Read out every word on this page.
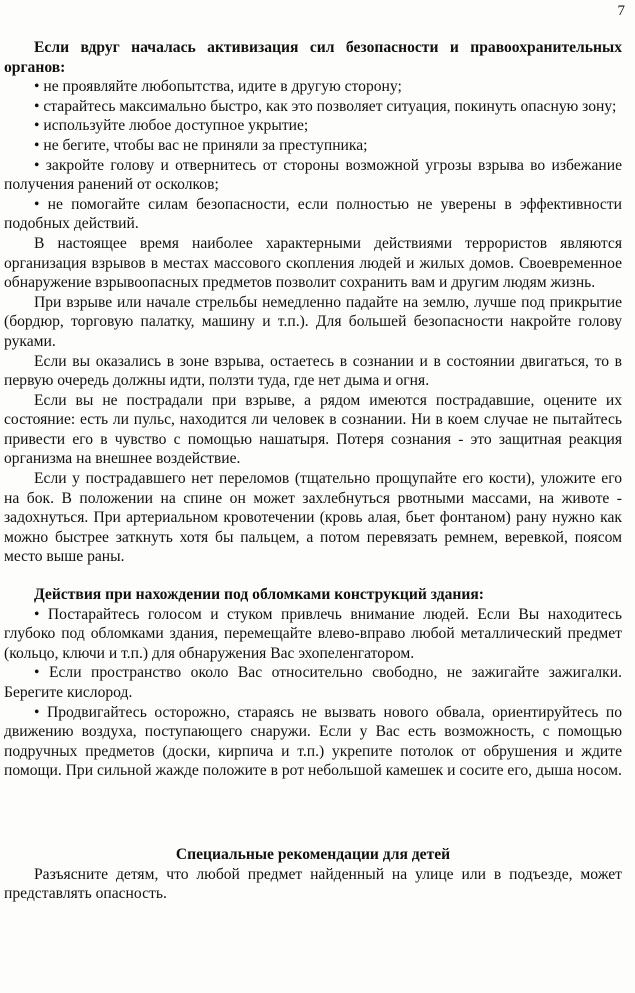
7

Если вдруг началась активизация сил безопасности и правоохранительных органов:

• не проявляйте любопытства, идите в другую сторону;

• старайтесь максимально быстро, как это позволяет ситуация, покинуть опасную зону;

• используйте любое доступное укрытие;

• не бегите, чтобы вас не приняли за преступника;

• закройте голову и отвернитесь от стороны возможной угрозы взрыва во избежание получения ранений от осколков;

• не помогайте силам безопасности, если полностью не уверены в эффективности подобных действий.

В настоящее время наиболее характерными действиями террористов являются организация взрывов в местах массового скопления людей и жилых домов. Своевременное обнаружение взрывоопасных предметов позволит сохранить вам и другим людям жизнь.

При взрыве или начале стрельбы немедленно падайте на землю, лучше под прикрытие (бордюр, торговую палатку, машину и т.п.). Для большей безопасности накройте голову руками.

Если вы оказались в зоне взрыва, остаетесь в сознании и в состоянии двигаться, то в первую очередь должны идти, ползти туда, где нет дыма и огня.

Если вы не пострадали при взрыве, а рядом имеются пострадавшие, оцените их состояние: есть ли пульс, находится ли человек в сознании. Ни в коем случае не пытайтесь привести его в чувство с помощью нашатыря. Потеря сознания - это защитная реакция организма на внешнее воздействие.

Если у пострадавшего нет переломов (тщательно прощупайте его кости), уложите его на бок. В положении на спине он может захлебнуться рвотными массами, на животе - задохнуться. При артериальном кровотечении (кровь алая, бьет фонтаном) рану нужно как можно быстрее заткнуть хотя бы пальцем, а потом перевязать ремнем, веревкой, поясом место выше раны.

Действия при нахождении под обломками конструкций здания:

• Постарайтесь голосом и стуком привлечь внимание людей. Если Вы находитесь глубоко под обломками здания, перемещайте влево-вправо любой металлический предмет (кольцо, ключи и т.п.) для обнаружения Вас эхопеленгатором.

• Если пространство около Вас относительно свободно, не зажигайте зажигалки. Берегите кислород.

• Продвигайтесь осторожно, стараясь не вызвать нового обвала, ориентируйтесь по движению воздуха, поступающего снаружи. Если у Вас есть возможность, с помощью подручных предметов (доски, кирпича и т.п.) укрепите потолок от обрушения и ждите помощи. При сильной жажде положите в рот небольшой камешек и сосите его, дыша носом.

Специальные рекомендации для детей

Разъясните детям, что любой предмет найденный на улице или в подъезде, может представлять опасность.
